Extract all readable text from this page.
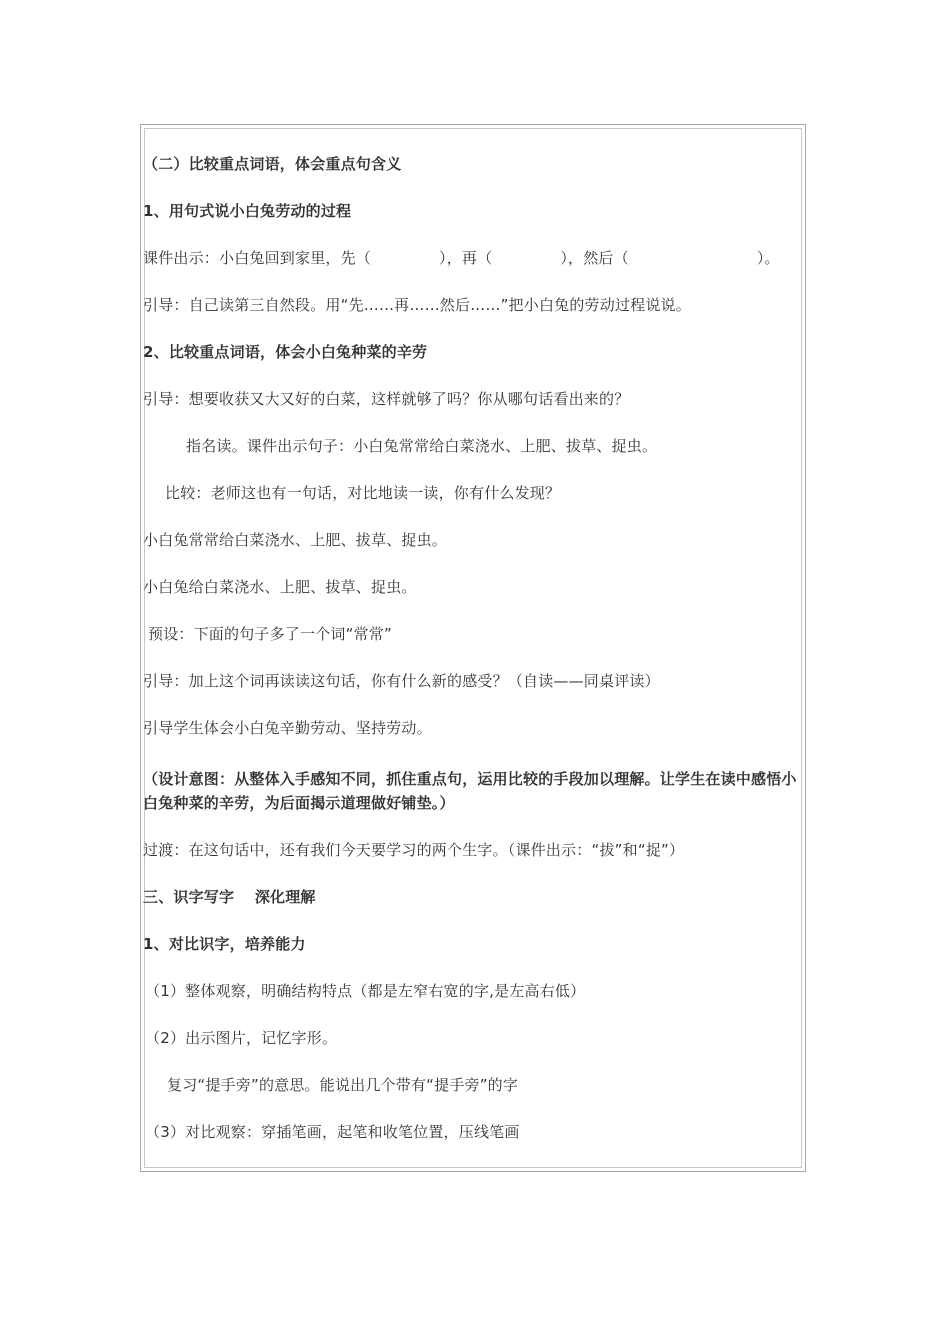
（二）比较重点词语，体会重点句含义
1、用句式说小白兔劳动的过程
课件出示：小白兔回到家里，先（	），再（	），然后（	）。
引导：自己读第三自然段。用“先……再……然后……”把小白兔的劳动过程说说。
2、比较重点词语，体会小白兔种菜的辛劳
引导：想要收获又大又好的白菜，这样就够了吗？你从哪句话看出来的？
指名读。课件出示句子：小白兔常常给白菜浇水、上肥、拔草、捉虫。
比较：老师这也有一句话，对比地读一读，你有什么发现？
小白兔常常给白菜浇水、上肥、拔草、捉虫。
小白兔给白菜浇水、上肥、拔草、捉虫。
预设：下面的句子多了一个词“常常”
引导：加上这个词再读读这句话，你有什么新的感受？（自读——同桌评读）
引导学生体会小白兔辛勤劳动、坚持劳动。
（设计意图：从整体入手感知不同，抓住重点句，运用比较的手段加以理解。让学生在读中感悟小白兔种菜的辛劳，为后面揭示道理做好铺垫。）
过渡：在这句话中，还有我们今天要学习的两个生字。（课件出示：“拔”和“捉”）
三、识字写字　 深化理解
1、对比识字，培养能力
（1）整体观察，明确结构特点（都是左窄右宽的字,是左高右低）
（2）出示图片，记忆字形。
复习“提手旁”的意思。能说出几个带有“提手旁”的字
（3）对比观察：穿插笔画，起笔和收笔位置，压线笔画
